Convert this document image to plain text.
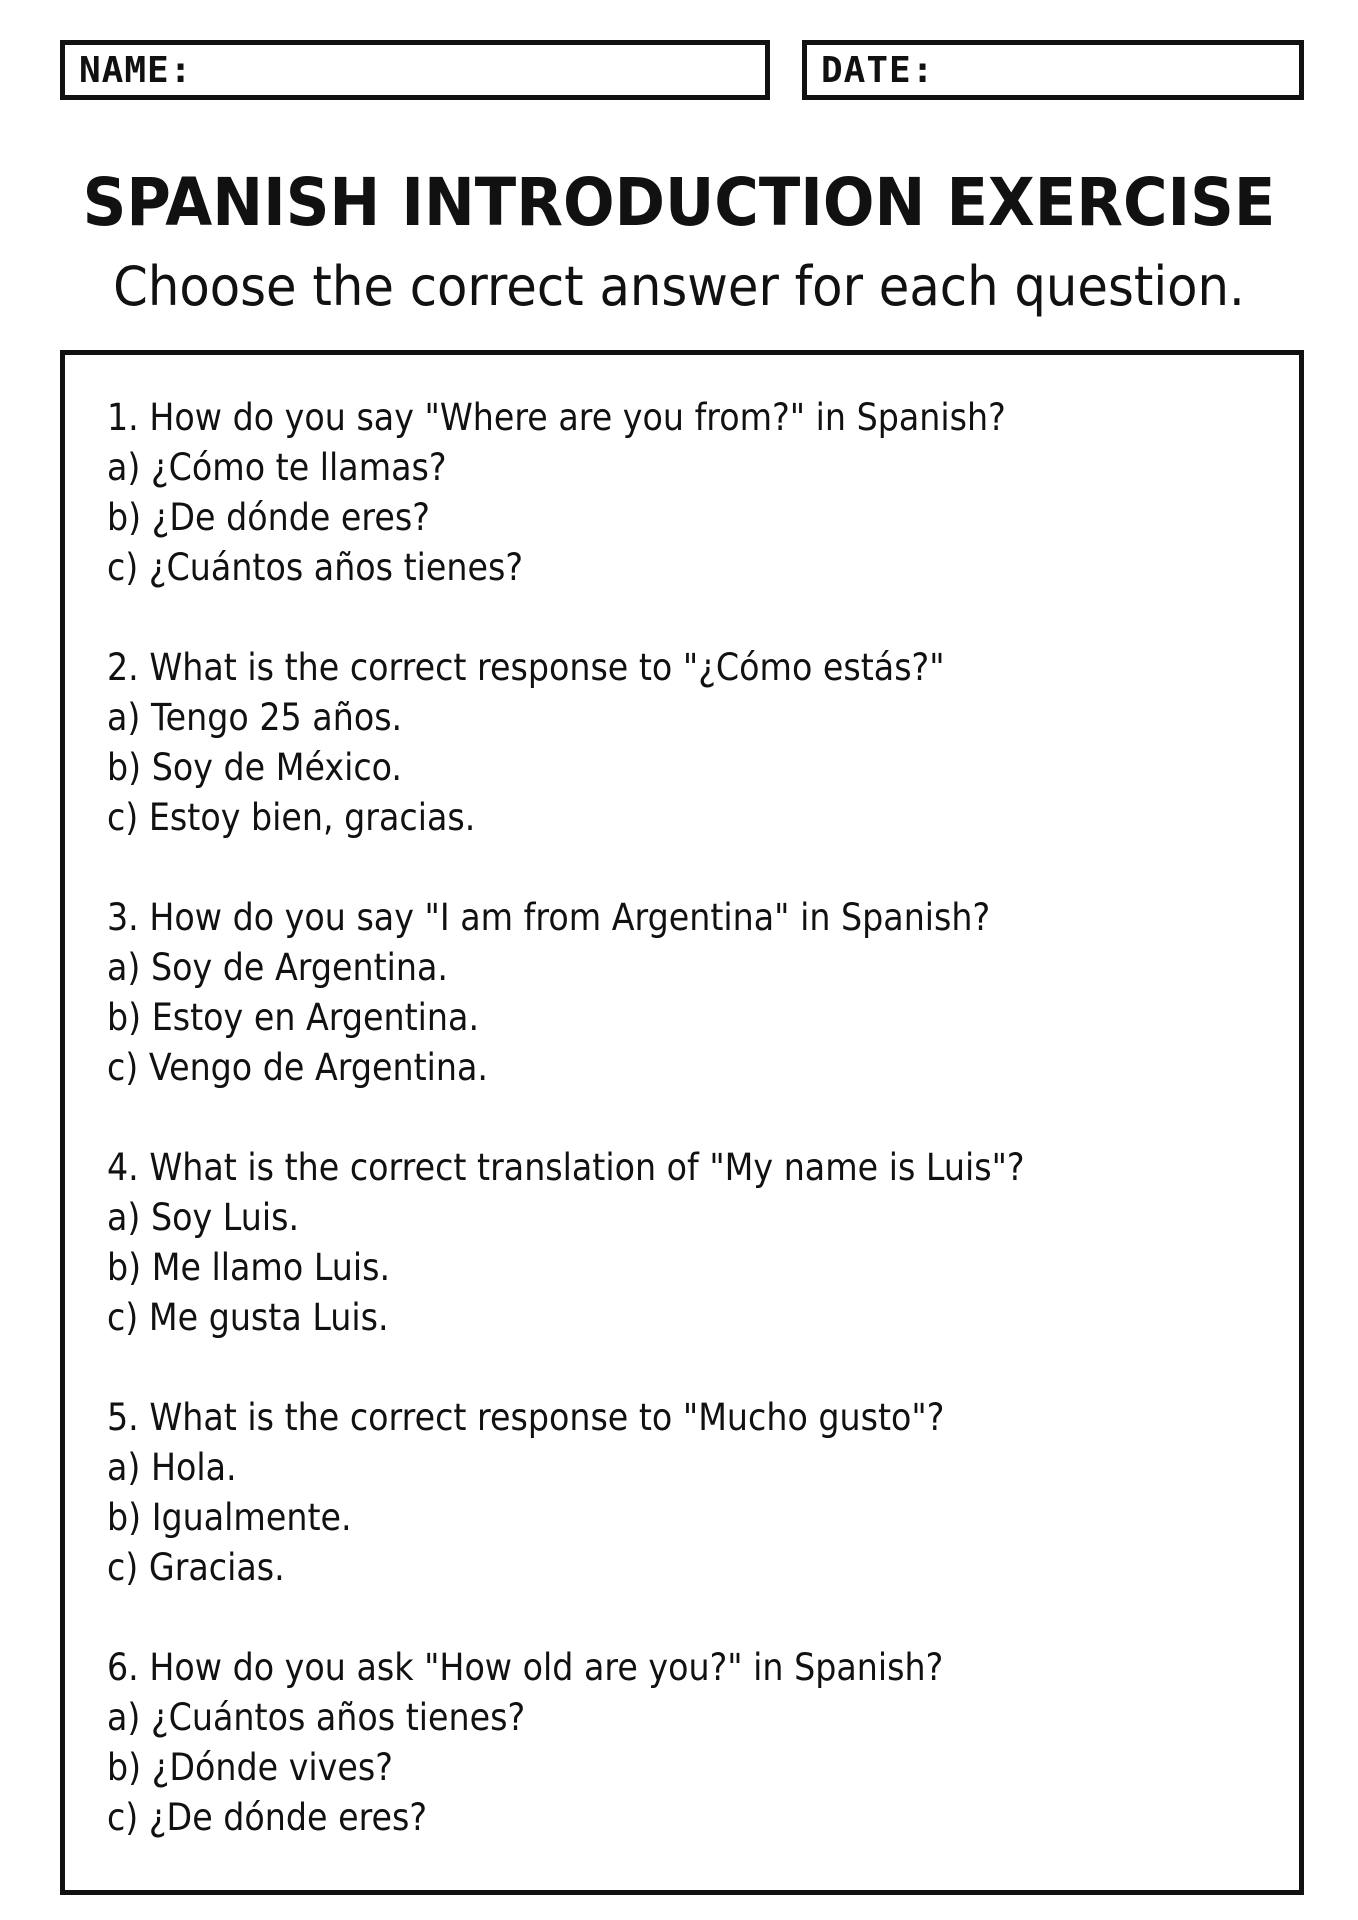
NAME:	DATE:
SPANISH INTRODUCTION EXERCISE
Choose the correct answer for each question.
1. How do you say "Where are you from?" in Spanish?
a) ¿Cómo te llamas?
b) ¿De dónde eres?
c) ¿Cuántos años tienes?
2. What is the correct response to "¿Cómo estás?"
a) Tengo 25 años.
b) Soy de México.
c) Estoy bien, gracias.
3. How do you say "I am from Argentina" in Spanish?
a) Soy de Argentina.
b) Estoy en Argentina.
c) Vengo de Argentina.
4. What is the correct translation of "My name is Luis"?
a) Soy Luis.
b) Me llamo Luis.
c) Me gusta Luis.
5. What is the correct response to "Mucho gusto"?
a) Hola.
b) Igualmente.
c) Gracias.
6. How do you ask "How old are you?" in Spanish?
a) ¿Cuántos años tienes?
b) ¿Dónde vives?
c) ¿De dónde eres?
